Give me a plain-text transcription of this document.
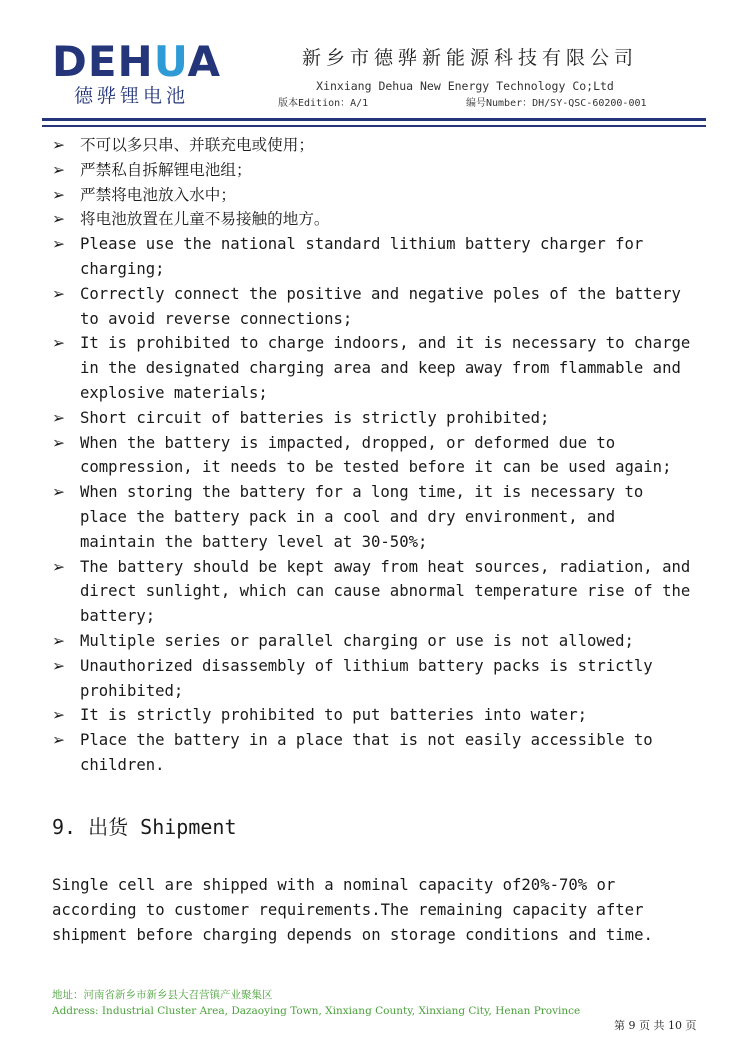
DEHUA
德骅锂电池
新乡市德骅新能源科技有限公司
Xinxiang Dehua New Energy Technology Co;Ltd
版本Edition：A/1	编号Number：DH/SY-QSC-60200-001
➢ 不可以多只串、并联充电或使用；
➢ 严禁私自拆解锂电池组；
➢ 严禁将电池放入水中；
➢ 将电池放置在儿童不易接触的地方。
➢ Please use the national standard lithium battery charger for
charging;
➢ Correctly connect the positive and negative poles of the battery
to avoid reverse connections;
➢ It is prohibited to charge indoors, and it is necessary to charge
in the designated charging area and keep away from flammable and
explosive materials;
➢ Short circuit of batteries is strictly prohibited;
➢ When the battery is impacted, dropped, or deformed due to
compression, it needs to be tested before it can be used again;
➢ When storing the battery for a long time, it is necessary to
place the battery pack in a cool and dry environment, and
maintain the battery level at 30-50%;
➢ The battery should be kept away from heat sources, radiation, and
direct sunlight, which can cause abnormal temperature rise of the
battery;
➢ Multiple series or parallel charging or use is not allowed;
➢ Unauthorized disassembly of lithium battery packs is strictly
prohibited;
➢ It is strictly prohibited to put batteries into water;
➢ Place the battery in a place that is not easily accessible to
children.
9. 出货 Shipment
Single cell are shipped with a nominal capacity of20%-70% or
according to customer requirements.The remaining capacity after
shipment before charging depends on storage conditions and time.
地址：河南省新乡市新乡县大召营镇产业聚集区
Address: Industrial Cluster Area, Dazaoying Town, Xinxiang County, Xinxiang City, Henan Province
第 9 页 共 10 页
